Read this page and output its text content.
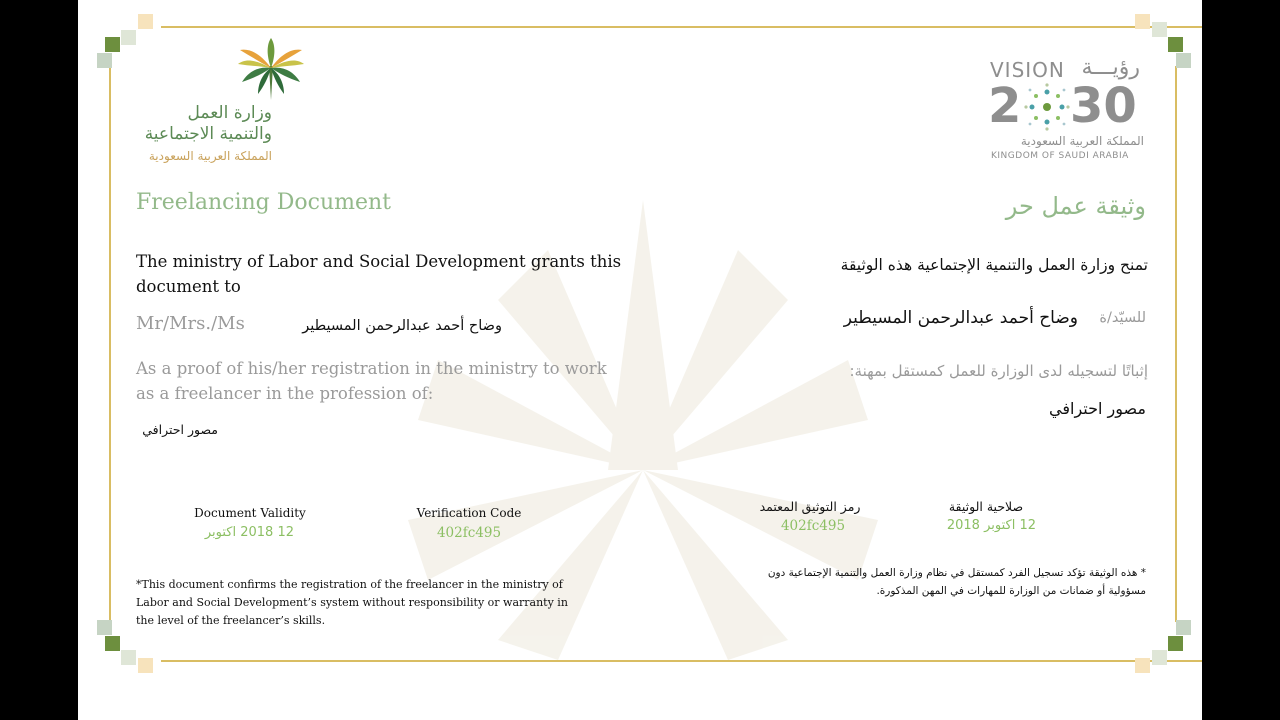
وزارة العمل
والتنمية الاجتماعية
المملكة العربية السعودية
VISION رؤيـــة
2 30
المملكة العربية السعودية
KINGDOM OF SAUDI ARABIA
Freelancing Document	وثيقة عمل حر
The ministry of Labor and Social Development grants this
document to
Mr/Mrs./Ms	وضاح أحمد عبدالرحمن المسيطير
As a proof of his/her registration in the ministry to work
as a freelancer in the profession of:
مصور احترافي
Document Validity
12 2018 اكتوبر
Verification Code
402fc495
*This document confirms the registration of the freelancer in the ministry of
Labor and Social Development’s system without responsibility or warranty in
the level of the freelancer’s skills.
تمنح وزارة العمل والتنمية الإجتماعية هذه الوثيقة
للسيّد/ة
وضاح أحمد عبدالرحمن المسيطير
إثباتًا لتسجيله لدى الوزارة للعمل كمستقل بمهنة:
مصور احترافي
رمز التوثيق المعتمد
402fc495
صلاحية الوثيقة
12 اكتوبر 2018
* هذه الوثيقة تؤكد تسجيل الفرد كمستقل في نظام وزارة العمل والتنمية الإجتماعية دون
مسؤولية أو ضمانات من الوزارة للمهارات في المهن المذكورة.
